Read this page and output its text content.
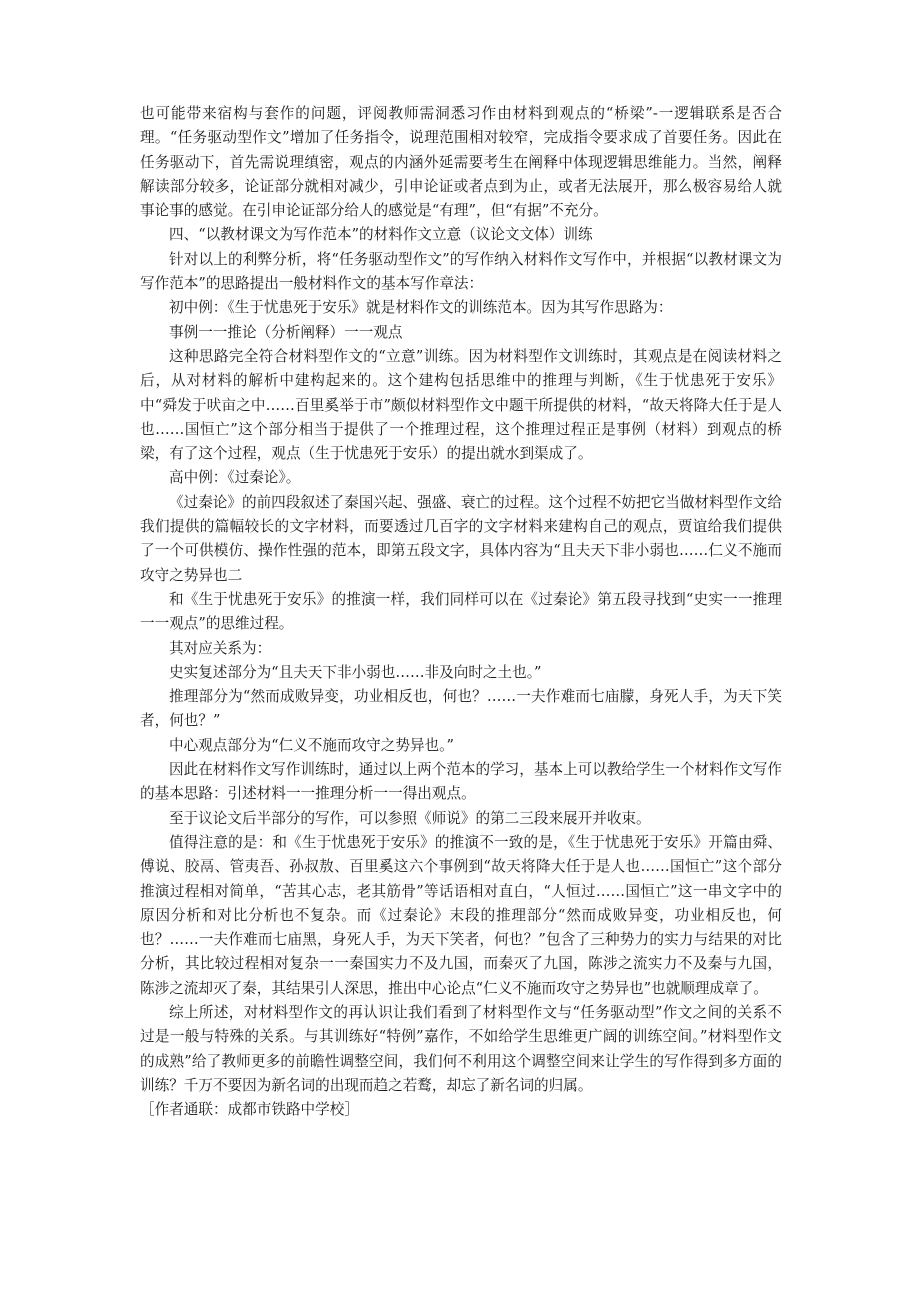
也可能带来宿构与套作的问题，评阅教师需洞悉习作由材料到观点的“桥梁”-一逻辑联系是否合理。“任务驱动型作文”增加了任务指令，说理范围相对较窄，完成指令要求成了首要任务。因此在任务驱动下，首先需说理缜密，观点的内涵外延需要考生在阐释中体现逻辑思维能力。当然，阐释解读部分较多，论证部分就相对减少，引申论证或者点到为止，或者无法展开，那么极容易给人就事论事的感觉。在引申论证部分给人的感觉是“有理”，但“有据”不充分。

四、“以教材课文为写作范本”的材料作文立意（议论文文体）训练

针对以上的利弊分析，将“任务驱动型作文”的写作纳入材料作文写作中，并根据“以教材课文为写作范本”的思路提出一般材料作文的基本写作章法：

初中例：《生于忧患死于安乐》就是材料作文的训练范本。因为其写作思路为：

事例一一推论（分析阐释）一一观点

这种思路完全符合材料型作文的“立意”训练。因为材料型作文训练时，其观点是在阅读材料之后，从对材料的解析中建构起来的。这个建构包括思维中的推理与判断，《生于忧患死于安乐》中“舜发于吠亩之中……百里奚举于市”颇似材料型作文中题干所提供的材料，“故天将降大任于是人也……国恒亡”这个部分相当于提供了一个推理过程，这个推理过程正是事例（材料）到观点的桥梁，有了这个过程，观点（生于忧患死于安乐）的提出就水到渠成了。

高中例：《过秦论》。

《过秦论》的前四段叙述了秦国兴起、强盛、衰亡的过程。这个过程不妨把它当做材料型作文给我们提供的篇幅较长的文字材料，而要透过几百字的文字材料来建构自己的观点，贾谊给我们提供了一个可供模仿、操作性强的范本，即第五段文字，具体内容为“且夫天下非小弱也……仁义不施而攻守之势异也二

和《生于忧患死于安乐》的推演一样，我们同样可以在《过秦论》第五段寻找到“史实一一推理一一观点”的思维过程。

其对应关系为：

史实复述部分为“且夫天下非小弱也……非及向时之土也。”

推理部分为“然而成败异变，功业相反也，何也？……一夫作难而七庙朦，身死人手，为天下笑者，何也？”

中心观点部分为“仁义不施而攻守之势异也。”

因此在材料作文写作训练时，通过以上两个范本的学习，基本上可以教给学生一个材料作文写作的基本思路：引述材料一一推理分析一一得出观点。

至于议论文后半部分的写作，可以参照《师说》的第二三段来展开并收束。

值得注意的是：和《生于忧患死于安乐》的推演不一致的是，《生于忧患死于安乐》开篇由舜、傅说、胶鬲、管夷吾、孙叔敖、百里奚这六个事例到“故天将降大任于是人也……国恒亡”这个部分推演过程相对简单，“苦其心志，老其筋骨”等话语相对直白，“人恒过……国恒亡”这一串文字中的原因分析和对比分析也不复杂。而《过秦论》末段的推理部分“然而成败异变，功业相反也，何也？……一夫作难而七庙黑，身死人手，为天下笑者，何也？”包含了三种势力的实力与结果的对比分析，其比较过程相对复杂一一秦国实力不及九国，而秦灭了九国，陈涉之流实力不及秦与九国，陈涉之流却灭了秦，其结果引人深思，推出中心论点“仁义不施而攻守之势异也”也就顺理成章了。

综上所述，对材料型作文的再认识让我们看到了材料型作文与“任务驱动型”作文之间的关系不过是一般与特殊的关系。与其训练好“特例”嘉作，不如给学生思维更广阔的训练空间。”材料型作文的成熟”给了教师更多的前瞻性调整空间，我们何不利用这个调整空间来让学生的写作得到多方面的训练？千万不要因为新名词的出现而趋之若鹜，却忘了新名词的归属。

［作者通联：成都市铁路中学校］
